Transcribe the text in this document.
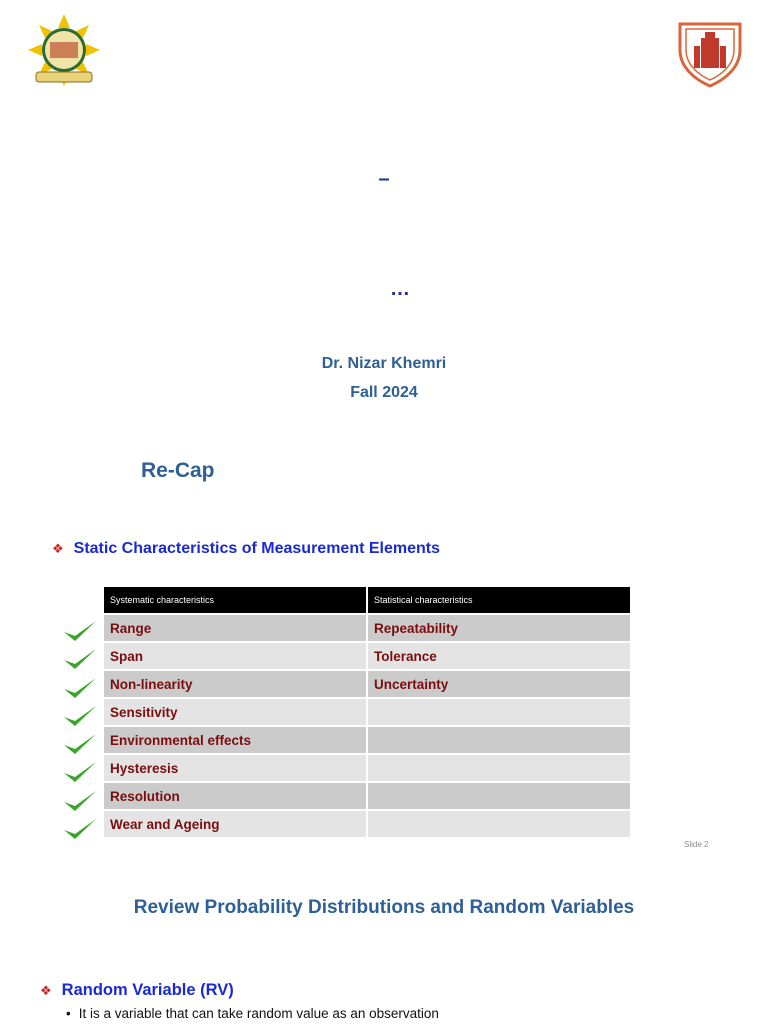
–
…
Dr. Nizar Khemri
Fall 2024
Re-Cap
❖ Static Characteristics of Measurement Elements
Systematic characteristics	Statistical characteristics
Range	Repeatability
Span	Tolerance
Non-linearity	Uncertainty
Sensitivity	
Environmental effects	
Hysteresis	
Resolution	
Wear and Ageing	
Slide 2
Review Probability Distributions and Random Variables
❖ Random Variable (RV)
• It is a variable that can take random value as an observation
